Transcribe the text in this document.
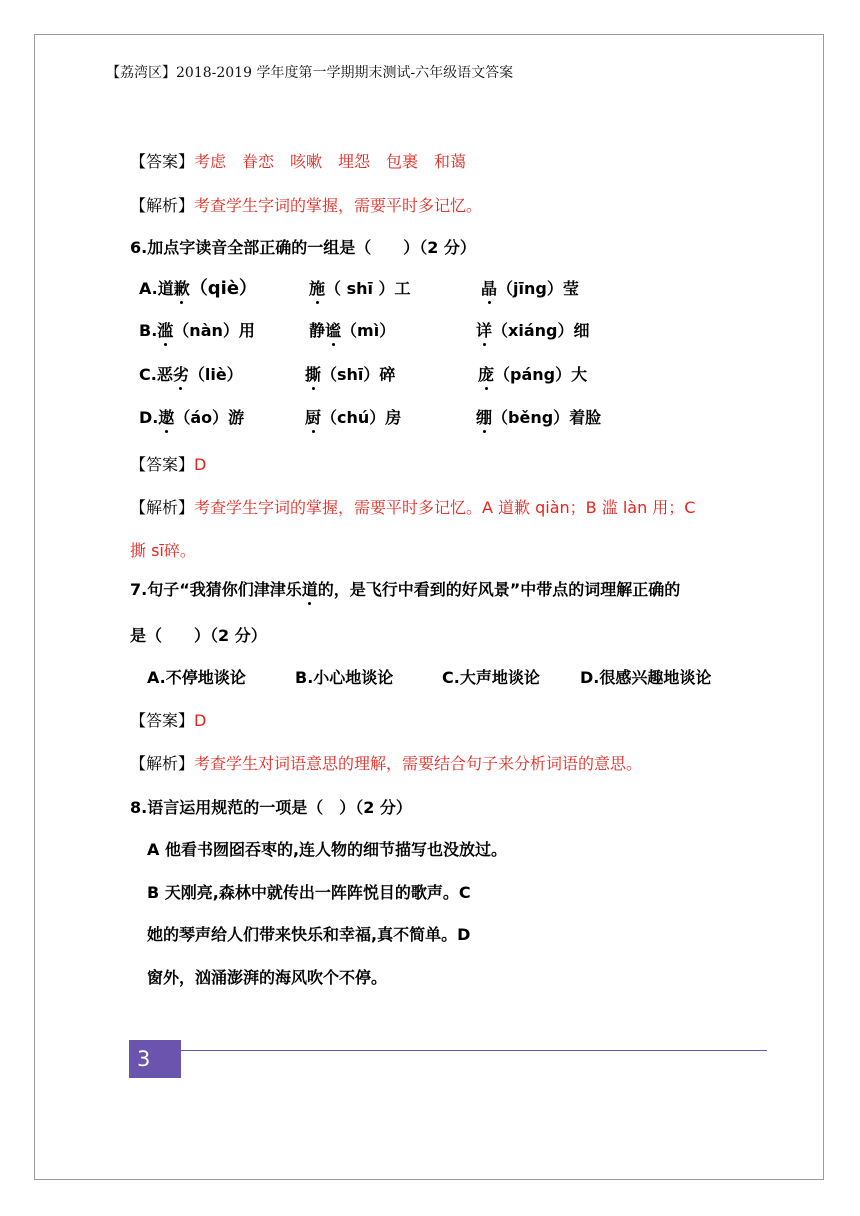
【荔湾区】2018-2019 学年度第一学期期末测试-六年级语文答案
【答案】考虑　眷恋　咳嗽　埋怨　包裹　和蔼
【解析】考查学生字词的掌握，需要平时多记忆。
6.加点字读音全部正确的一组是（　　）（2 分）
A.道歉（qiè）	施（ shī ）工	晶（jīng）莹
B.滥（nàn）用	静谧（mì）	详（xiáng）细
C.恶劣（liè）	撕（shī）碎	庞（páng）大
D.遨（áo）游	厨（chú）房	绷（běng）着脸
【答案】D
【解析】考查学生字词的掌握，需要平时多记忆。A 道歉 qiàn；B 滥 làn 用；C
撕 sī碎。
7.句子“我猜你们津津乐道的，是飞行中看到的好风景”中带点的词理解正确的
是（　　）（2 分）
A.不停地谈论	B.小心地谈论	C.大声地谈论	D.很感兴趣地谈论
【答案】D
【解析】考查学生对词语意思的理解，需要结合句子来分析词语的意思。
8.语言运用规范的一项是（　）（2 分）
A 他看书囫囵吞枣的,连人物的细节描写也没放过。
B 天刚亮,森林中就传出一阵阵悦目的歌声。C
她的琴声给人们带来快乐和幸福,真不简单。D
窗外，汹涌澎湃的海风吹个不停。
3
